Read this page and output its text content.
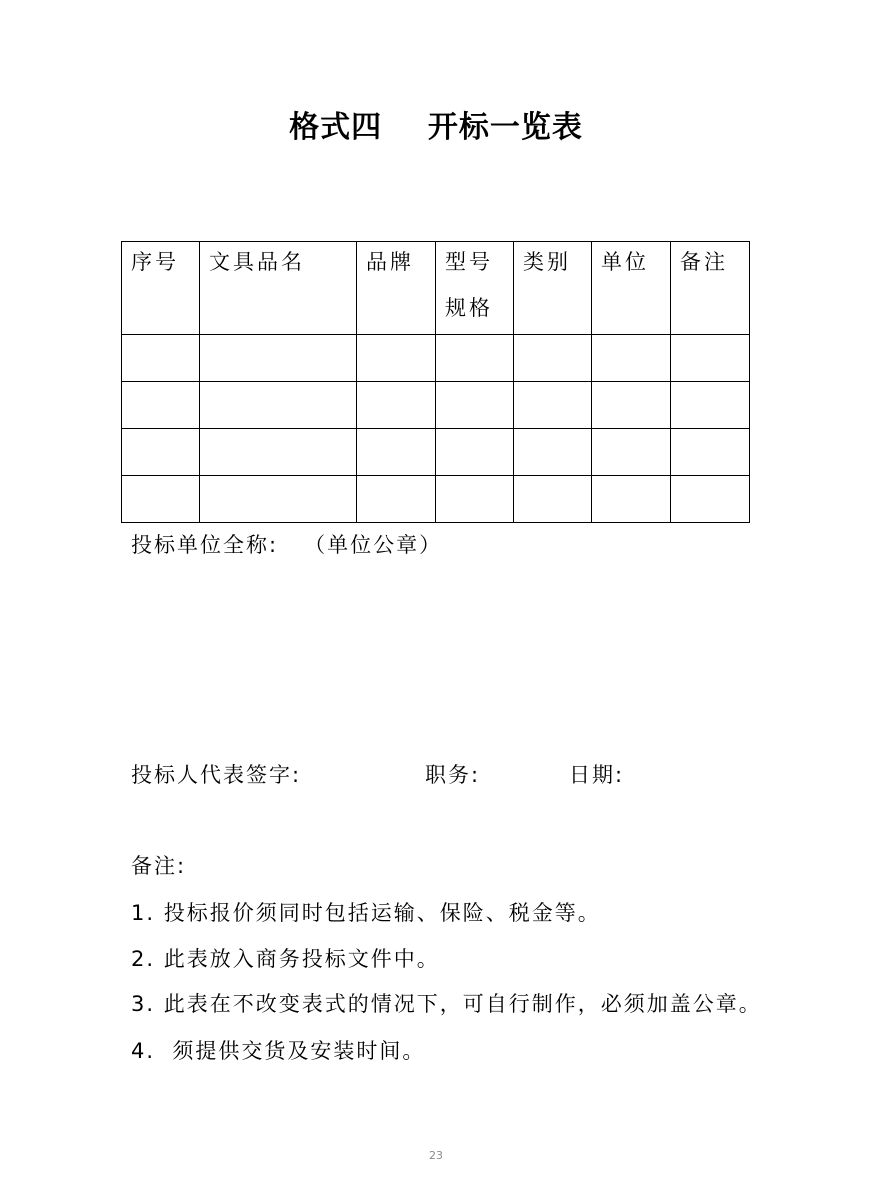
格式四    开标一览表
序号	文具品名	品牌	型号规格	类别	单位	备注

投标单位全称:   （单位公章）
投标人代表签字:	职务:	日期:
备注:
1. 投标报价须同时包括运输、保险、税金等。
2. 此表放入商务投标文件中。
3. 此表在不改变表式的情况下，可自行制作，必须加盖公章。
4.  须提供交货及安装时间。
23
